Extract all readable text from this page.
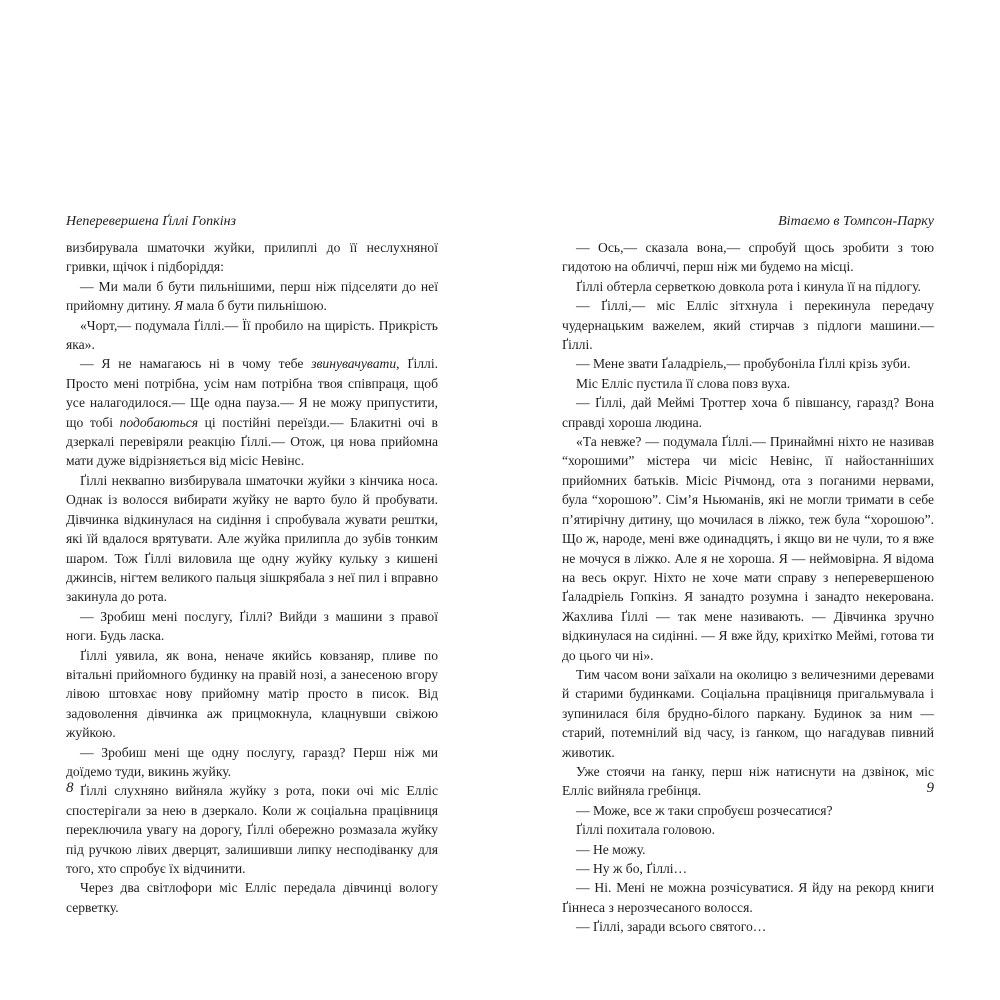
Неперевершена Ґіллі Гопкінз

визбирувала шматочки жуйки, прилиплі до її неслухняної гривки, щічок і підборіддя:

— Ми мали б бути пильнішими, перш ніж підселяти до неї прийомну дитину. Я мала б бути пильнішою.

«Чорт,— подумала Ґіллі.— Її пробило на щирість. Прикрість яка».

— Я не намагаюсь ні в чому тебе звинувачувати, Ґіллі. Просто мені потрібна, усім нам потрібна твоя співпраця, щоб усе налагодилося.— Ще одна пауза.— Я не можу припустити, що тобі подобаються ці постійні переїзди.— Блакитні очі в дзеркалі перевіряли реакцію Ґіллі.— Отож, ця нова прийомна мати дуже відрізняється від місіс Невінс.

Ґіллі неквапно визбирувала шматочки жуйки з кінчика носа. Однак із волосся вибирати жуйку не варто було й пробувати. Дівчинка відкинулася на сидіння і спробувала жувати рештки, які їй вдалося врятувати. Але жуйка прилипла до зубів тонким шаром. Тож Ґіллі виловила ще одну жуйку кульку з кишені джинсів, нігтем великого пальця зішкрябала з неї пил і вправно закинула до рота.

— Зробиш мені послугу, Ґіллі? Вийди з машини з правої ноги. Будь ласка.

Ґіллі уявила, як вона, неначе якийсь ковзаняр, пливе по вітальні прийомного будинку на правій нозі, а занесеною вгору лівою штовхає нову прийомну матір просто в писок. Від задоволення дівчинка аж прицмокнула, клацнувши свіжою жуйкою.

— Зробиш мені ще одну послугу, гаразд? Перш ніж ми доїдемо туди, викинь жуйку.

Ґіллі слухняно вийняла жуйку з рота, поки очі міс Елліс спостерігали за нею в дзеркало. Коли ж соціальна працівниця переключила увагу на дорогу, Ґіллі обережно розмазала жуйку під ручкою лівих дверцят, залишивши липку несподіванку для того, хто спробує їх відчинити.

Через два світлофори міс Елліс передала дівчинці вологу серветку.

8
Вітаємо в Томпсон-Парку

— Ось,— сказала вона,— спробуй щось зробити з тою гидотою на обличчі, перш ніж ми будемо на місці.

Ґіллі обтерла серветкою довкола рота і кинула її на підлогу.

— Ґіллі,— міс Елліс зітхнула і перекинула передачу чудернацьким важелем, який стирчав з підлоги машини.— Ґіллі.

— Мене звати Ґаладріель,— пробубоніла Ґіллі крізь зуби.

Міс Елліс пустила її слова повз вуха.

— Ґіллі, дай Меймі Троттер хоча б півшансу, гаразд? Вона справді хороша людина.

«Та невже? — подумала Ґіллі.— Принаймні ніхто не називав “хорошими” містера чи місіс Невінс, її найостанніших прийомних батьків. Місіс Річмонд, ота з поганими нервами, була “хорошою”. Сім’я Ньюманів, які не могли тримати в себе п’ятирічну дитину, що мочилася в ліжко, теж була “хорошою”. Що ж, народе, мені вже одинадцять, і якщо ви не чули, то я вже не мочуся в ліжко. Але я не хороша. Я — неймовірна. Я відома на весь округ. Ніхто не хоче мати справу з неперевершеною Ґаладріель Гопкінз. Я занадто розумна і занадто некерована. Жахлива Ґіллі — так мене називають. — Дівчинка зручно відкинулася на сидінні. — Я вже йду, крихітко Меймі, готова ти до цього чи ні».

Тим часом вони заїхали на околицю з величезними деревами й старими будинками. Соціальна працівниця пригальмувала і зупинилася біля брудно-білого паркану. Будинок за ним — старий, потемнілий від часу, із ґанком, що нагадував пивний животик.

Уже стоячи на ґанку, перш ніж натиснути на дзвінок, міс Елліс вийняла гребінця.

— Може, все ж таки спробуєш розчесатися?

Ґіллі похитала головою.

— Не можу.

— Ну ж бо, Ґіллі…

— Ні. Мені не можна розчісуватися. Я йду на рекорд книги Ґіннеса з нерозчесаного волосся.

— Ґіллі, заради всього святого…

9
